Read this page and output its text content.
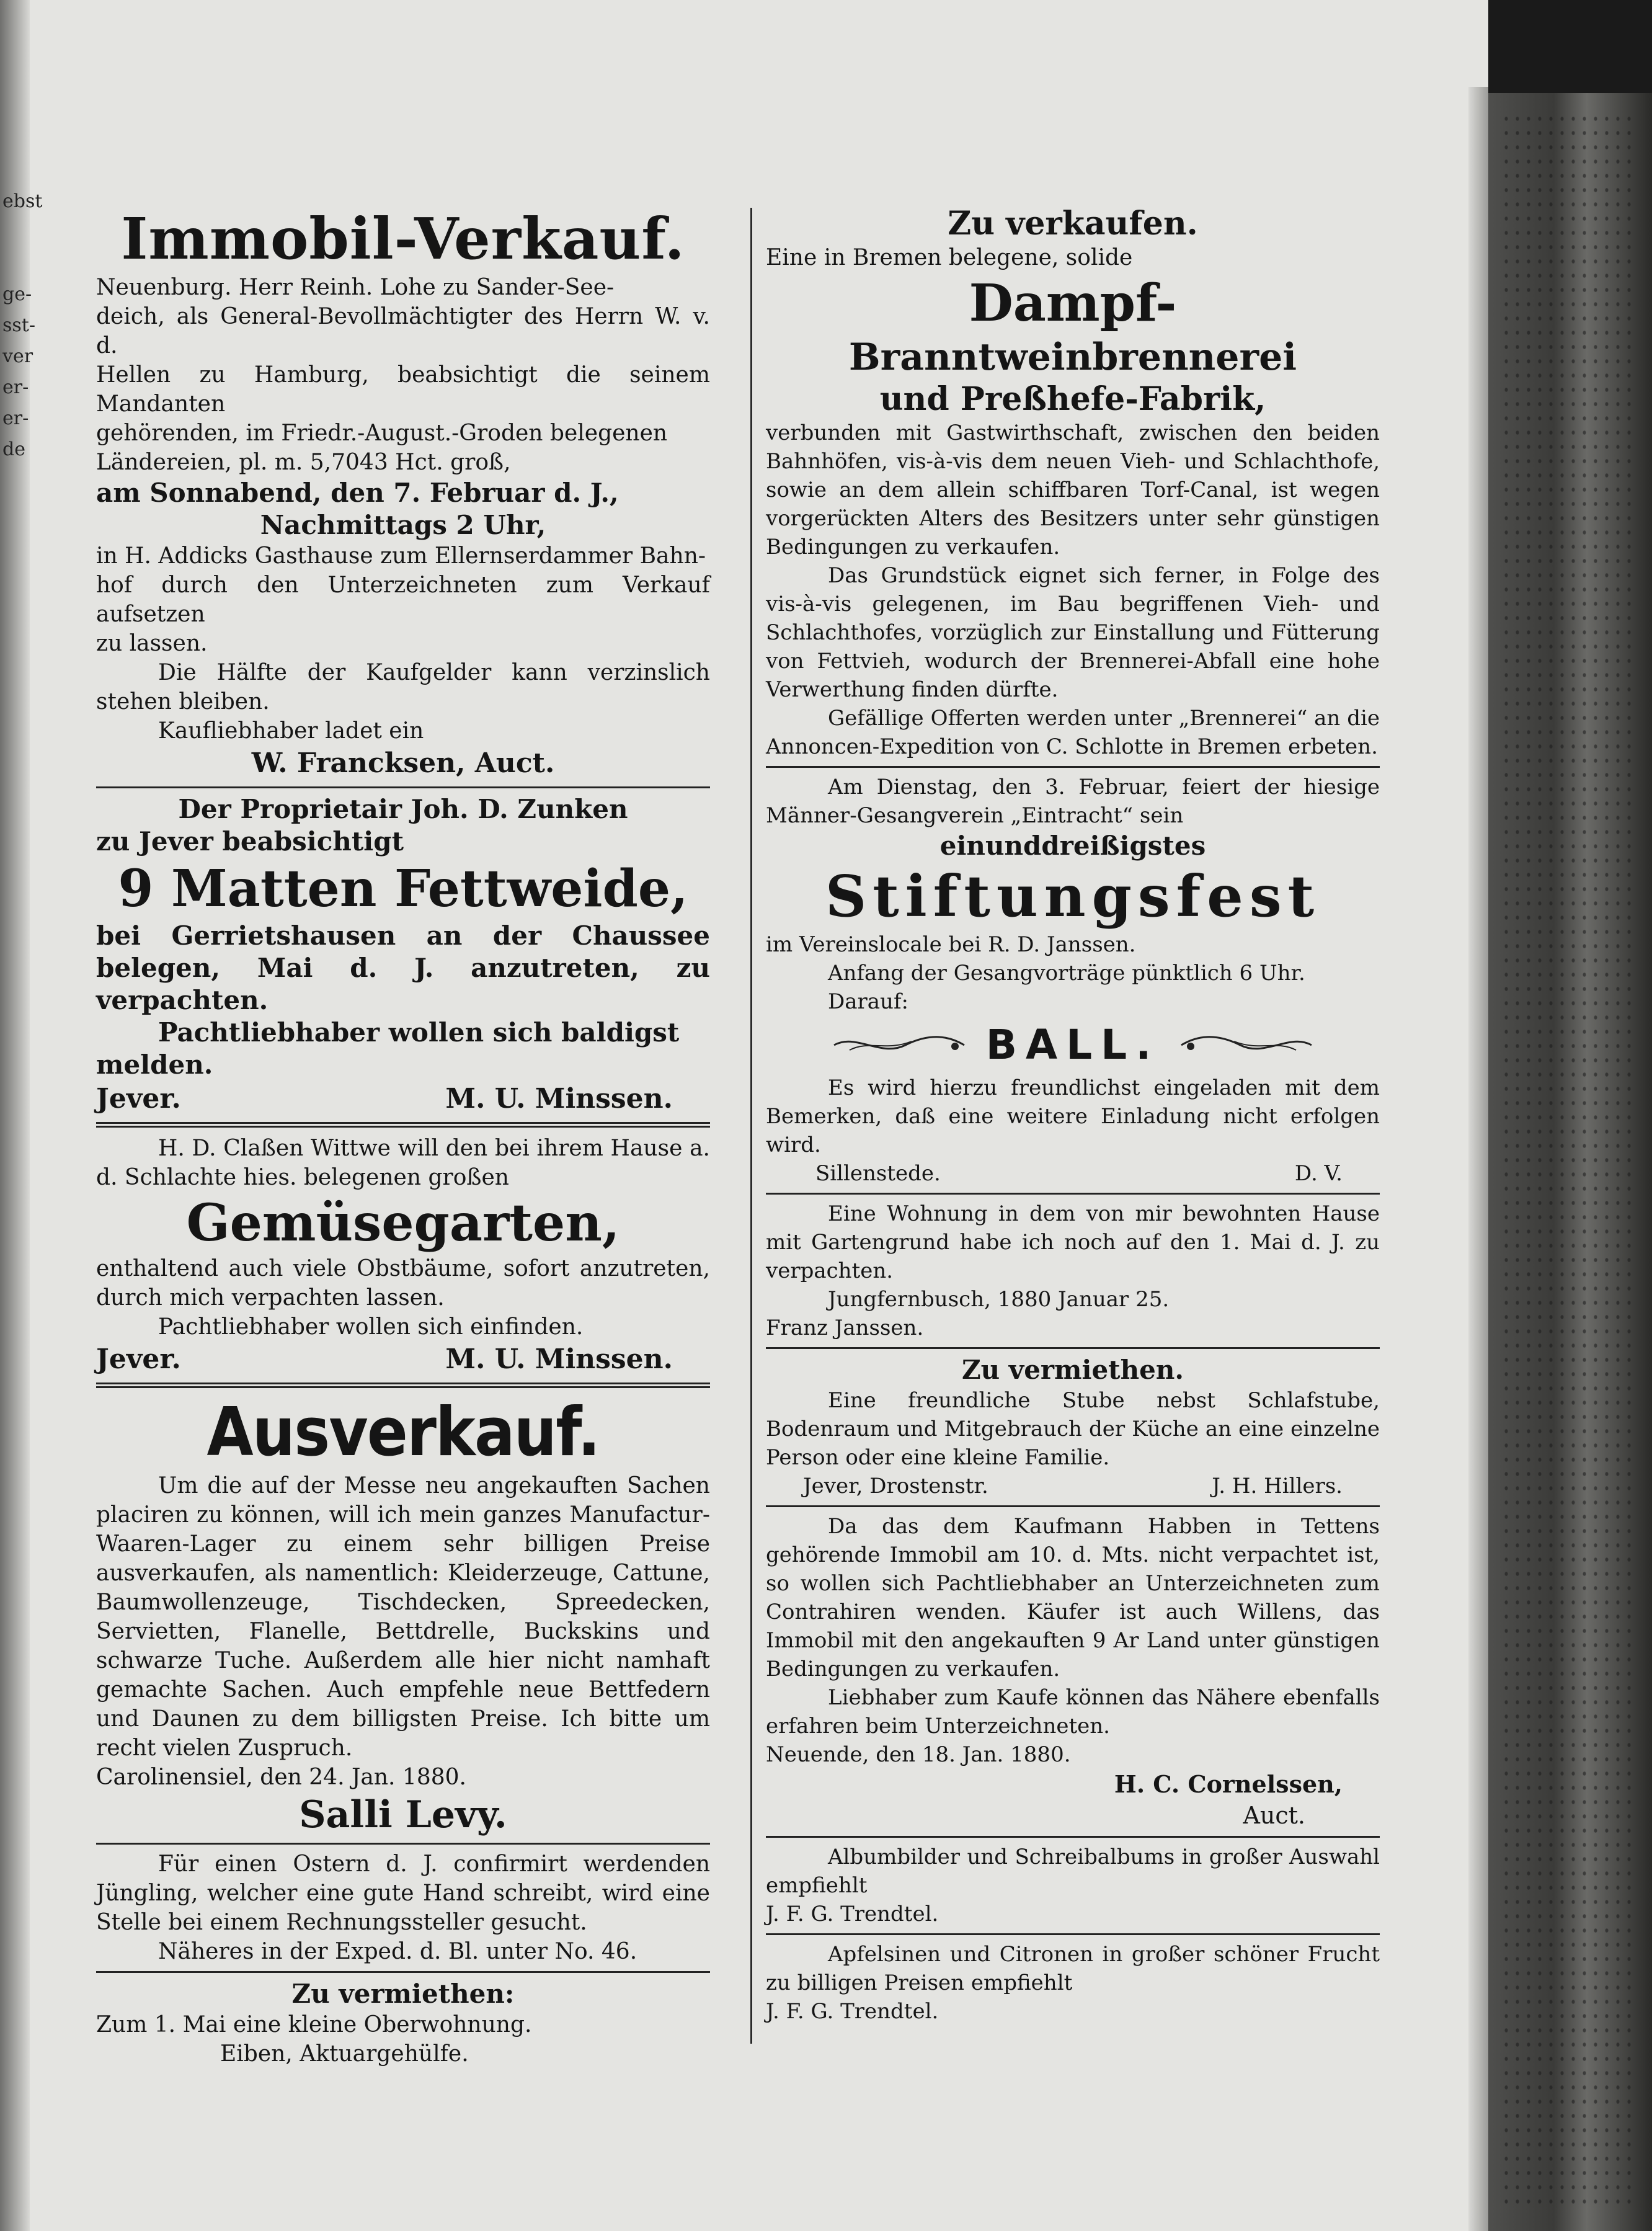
ebst
ge-
sst-
ver
er-
er-
de
Immobil-Verkauf.
Neuenburg. Herr Reinh. Lohe zu Sander-See-
deich, als General-Bevollmächtigter des Herrn W. v. d.
Hellen zu Hamburg, beabsichtigt die seinem Mandanten
gehörenden, im Friedr.-August.-Groden belegenen
Ländereien, pl. m. 5,7043 Hct. groß,
am Sonnabend, den 7. Februar d. J.,
Nachmittags 2 Uhr,
in H. Addicks Gasthause zum Ellernserdammer Bahn-
hof durch den Unterzeichneten zum Verkauf aufsetzen
zu lassen.
Die Hälfte der Kaufgelder kann verzinslich stehen bleiben.
Kaufliebhaber ladet ein
W. Francksen, Auct.
Der Proprietair Joh. D. Zunken
zu Jever beabsichtigt
9 Matten Fettweide,
bei Gerrietshausen an der Chaussee belegen, Mai d. J. anzutreten, zu verpachten.
Pachtliebhaber wollen sich baldigst melden.
Jever.	M. U. Minssen.
H. D. Claßen Wittwe will den bei ihrem Hause a. d. Schlachte hies. belegenen großen
Gemüsegarten,
enthaltend auch viele Obstbäume, sofort anzutreten, durch mich verpachten lassen.
Pachtliebhaber wollen sich einfinden.
Jever.	M. U. Minssen.
Ausverkauf.
Um die auf der Messe neu angekauften Sachen placiren zu können, will ich mein ganzes Manufactur-Waaren-Lager zu einem sehr billigen Preise ausverkaufen, als namentlich: Kleiderzeuge, Cattune, Baumwollenzeuge, Tischdecken, Spreedecken, Servietten, Flanelle, Bettdrelle, Buckskins und schwarze Tuche. Außerdem alle hier nicht namhaft gemachte Sachen. Auch empfehle neue Bettfedern und Daunen zu dem billigsten Preise. Ich bitte um recht vielen Zuspruch.
Carolinensiel, den 24. Jan. 1880.
Salli Levy.
Für einen Ostern d. J. confirmirt werdenden Jüngling, welcher eine gute Hand schreibt, wird eine Stelle bei einem Rechnungssteller gesucht.
Näheres in der Exped. d. Bl. unter No. 46.
Zu vermiethen:
Zum 1. Mai eine kleine Oberwohnung.
Eiben, Aktuargehülfe.
Zu verkaufen.
Eine in Bremen belegene, solide
Dampf-
Branntweinbrennerei
und Preßhefe-Fabrik,
verbunden mit Gastwirthschaft, zwischen den beiden Bahnhöfen, vis-à-vis dem neuen Vieh- und Schlachthofe, sowie an dem allein schiffbaren Torf-Canal, ist wegen vorgerückten Alters des Besitzers unter sehr günstigen Bedingungen zu verkaufen.
Das Grundstück eignet sich ferner, in Folge des vis-à-vis gelegenen, im Bau begriffenen Vieh- und Schlachthofes, vorzüglich zur Einstallung und Fütterung von Fettvieh, wodurch der Brennerei-Abfall eine hohe Verwerthung finden dürfte.
Gefällige Offerten werden unter „Brennerei“ an die Annoncen-Expedition von C. Schlotte in Bremen erbeten.
Am Dienstag, den 3. Februar, feiert der hiesige Männer-Gesangverein „Eintracht“ sein
einunddreißigstes
Stiftungsfest
im Vereinslocale bei R. D. Janssen.
Anfang der Gesangvorträge pünktlich 6 Uhr.
Darauf:
BALL.
Es wird hierzu freundlichst eingeladen mit dem Bemerken, daß eine weitere Einladung nicht erfolgen wird.
Sillenstede.	D. V.
Eine Wohnung in dem von mir bewohnten Hause mit Gartengrund habe ich noch auf den 1. Mai d. J. zu verpachten.
Jungfernbusch, 1880 Januar 25.
Franz Janssen.
Zu vermiethen.
Eine freundliche Stube nebst Schlafstube, Bodenraum und Mitgebrauch der Küche an eine einzelne Person oder eine kleine Familie.
Jever, Drostenstr.	J. H. Hillers.
Da das dem Kaufmann Habben in Tettens gehörende Immobil am 10. d. Mts. nicht verpachtet ist, so wollen sich Pachtliebhaber an Unterzeichneten zum Contrahiren wenden. Käufer ist auch Willens, das Immobil mit den angekauften 9 Ar Land unter günstigen Bedingungen zu verkaufen.
Liebhaber zum Kaufe können das Nähere ebenfalls erfahren beim Unterzeichneten.
Neuende, den 18. Jan. 1880.
H. C. Cornelssen,
Auct.
Albumbilder und Schreibalbums in großer Auswahl empfiehlt
J. F. G. Trendtel.
Apfelsinen und Citronen in großer schöner Frucht zu billigen Preisen empfiehlt
J. F. G. Trendtel.
